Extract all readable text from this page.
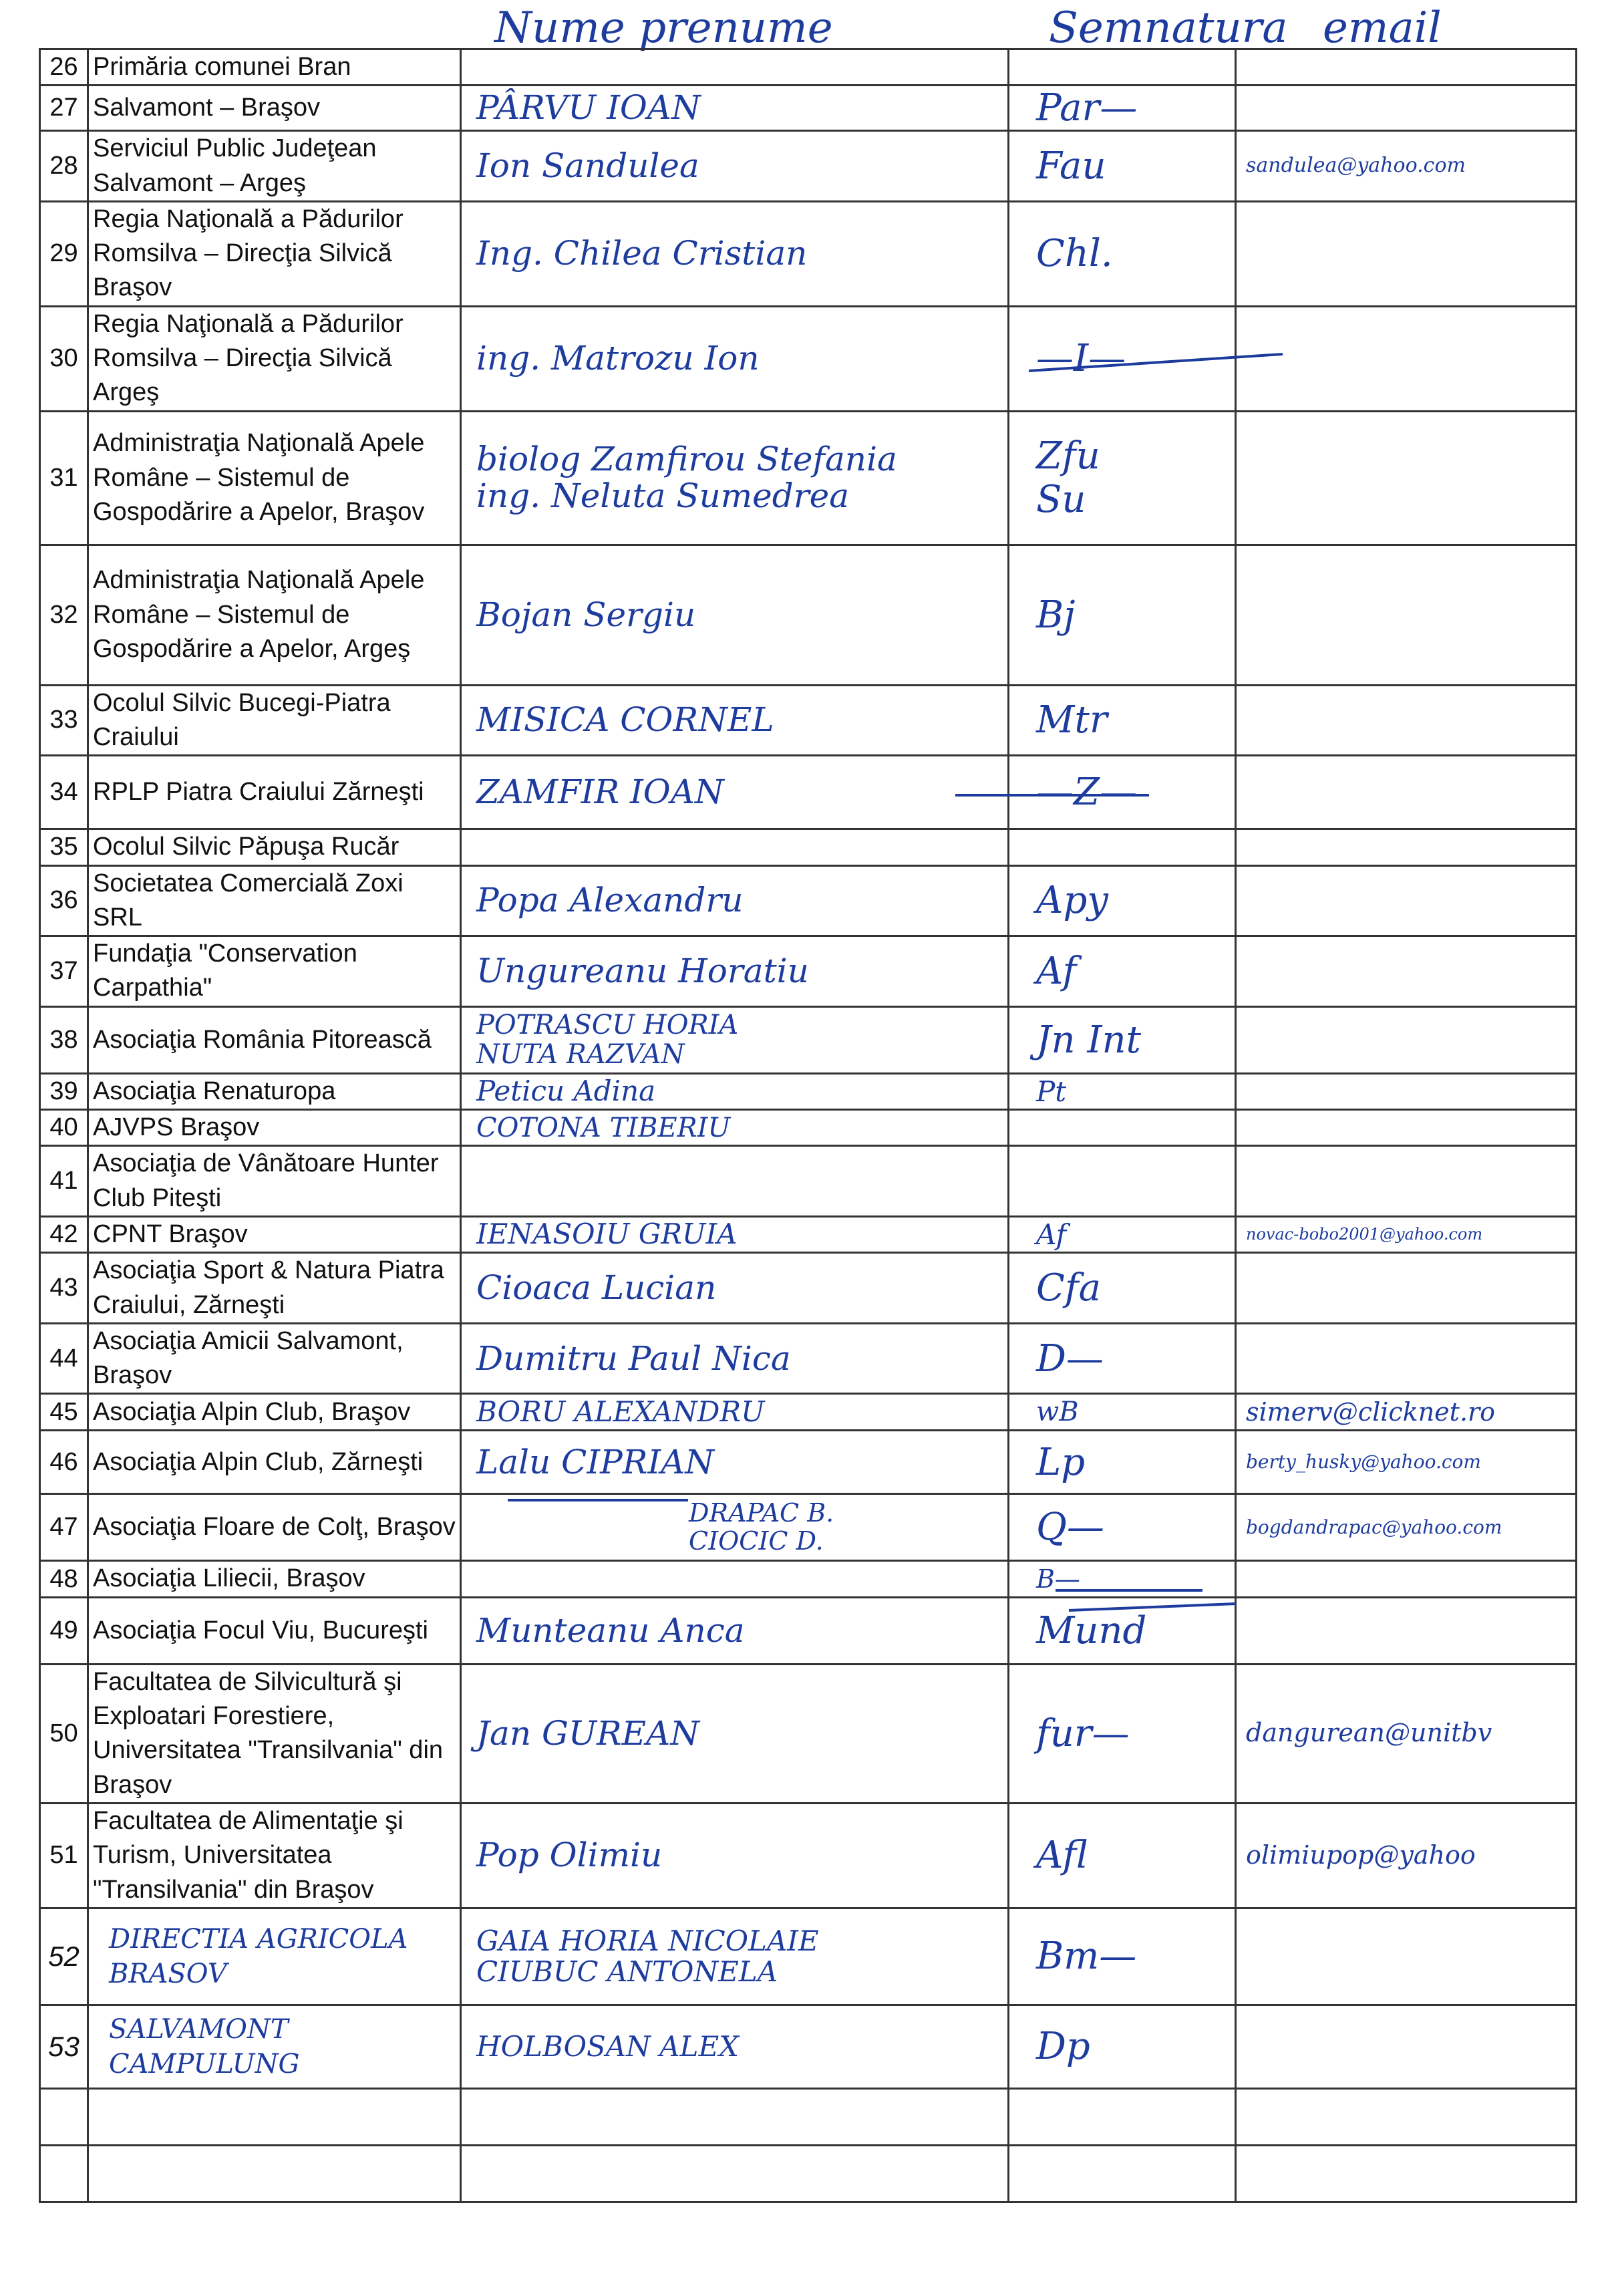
Nume prenume	Semnatura email
26	Primăria comunei Bran	

27	Salvamont – Braşov	PÂRVU IOAN	Par—	

28	Serviciul Public Judeţean Salvamont – Argeş	Ion Sandulea	Fau	sandulea@yahoo.com

29	Regia Naţională a Pădurilor Romsilva – Direcţia Silvică Braşov	Ing. Chilea Cristian	Chl.	

30	Regia Naţională a Pădurilor Romsilva – Direcţia Silvică Argeş	ing. Matrozu Ion	—I—	

31	Administraţia Naţională Apele Române – Sistemul de Gospodărire a Apelor, Braşov	biolog Zamfirou Stefania
ing. Neluta Sumedrea	Zfu
Su	

32	Administraţia Naţională Apele Române – Sistemul de Gospodărire a Apelor, Argeş	Bojan Sergiu	Bj	

33	Ocolul Silvic Bucegi-Piatra Craiului	MISICA CORNEL	Mtr	

34	RPLP Piatra Craiului Zărneşti	ZAMFIR IOAN	—Z—	

35	Ocolul Silvic Păpuşa Rucăr	

36	Societatea Comercială Zoxi SRL	Popa Alexandru	Apy	

37	Fundaţia "Conservation Carpathia"	Ungureanu Horatiu	Af	

38	Asociaţia România Pitorească	POTRASCU HORIA
NUTA RAZVAN	Jn Int	

39	Asociaţia Renaturopa	Peticu Adina	Pt	

40	AJVPS Braşov	COTONA TIBERIU		

41	Asociaţia de Vânătoare Hunter Club Piteşti	

42	CPNT Braşov	IENASOIU GRUIA	Af	novac-bobo2001@yahoo.com

43	Asociaţia Sport & Natura Piatra Craiului, Zărneşti	Cioaca Lucian	Cfa	

44	Asociaţia Amicii Salvamont, Braşov	Dumitru Paul Nica	D—	

45	Asociaţia Alpin Club, Braşov	BORU ALEXANDRU	wB	simerv@clicknet.ro

46	Asociaţia Alpin Club, Zărneşti	Lalu CIPRIAN	Lp	berty_husky@yahoo.com

47	Asociaţia Floare de Colţ, Braşov	DRAPAC B.
CIOCIC D.	Q—	bogdandrapac@yahoo.com

48	Asociaţia Liliecii, Braşov		B—	

49	Asociaţia Focul Viu, Bucureşti	Munteanu Anca	Mund	

50	Facultatea de Silvicultură şi Exploatari Forestiere, Universitatea "Transilvania" din Braşov	Jan GUREAN	fur—	dangurean@unitbv

51	Facultatea de Alimentaţie şi Turism, Universitatea "Transilvania" din Braşov	Pop Olimiu	Afl	olimiupop@yahoo

52	DIRECTIA AGRICOLA
BRASOV	GAIA HORIA NICOLAIE
CIUBUC ANTONELA	Bm—	

53	SALVAMONT
CAMPULUNG	HOLBOSAN ALEX	Dp	
